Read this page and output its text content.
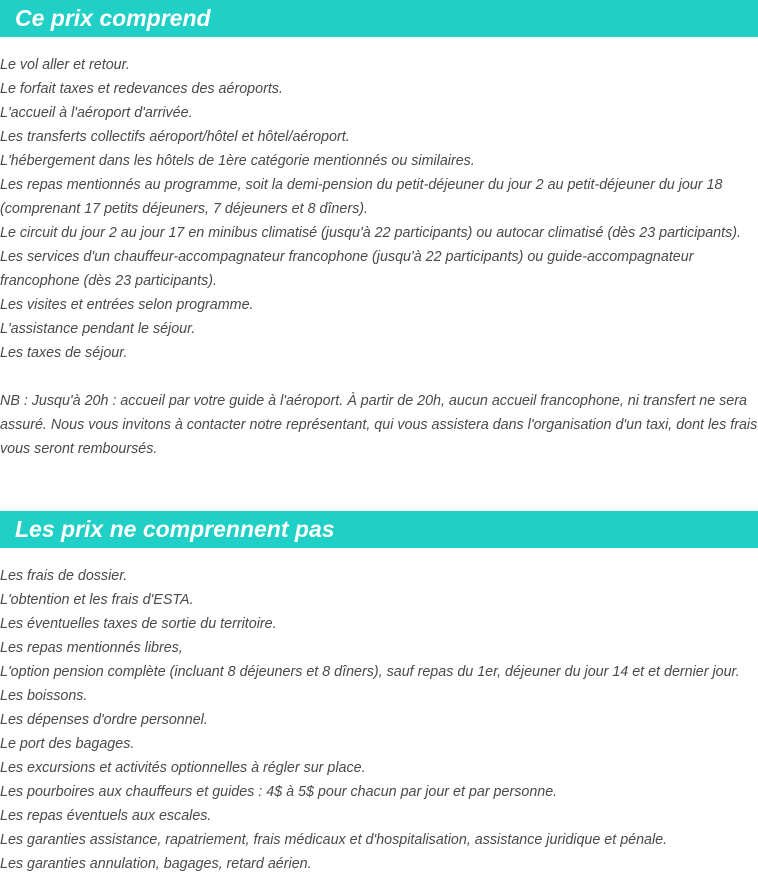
Ce prix comprend
Le vol aller et retour.
Le forfait taxes et redevances des aéroports.
L'accueil à l'aéroport d'arrivée.
Les transferts collectifs aéroport/hôtel et hôtel/aéroport.
L'hébergement dans les hôtels de 1ère catégorie mentionnés ou similaires.
Les repas mentionnés au programme, soit la demi-pension du petit-déjeuner du jour 2 au petit-déjeuner du jour 18 (comprenant 17 petits déjeuners, 7 déjeuners et 8 dîners).
Le circuit du jour 2 au jour 17 en minibus climatisé (jusqu'à 22 participants) ou autocar climatisé (dès 23 participants).
Les services d'un chauffeur-accompagnateur francophone (jusqu'à 22 participants) ou guide-accompagnateur francophone (dès 23 participants).
Les visites et entrées selon programme.
L'assistance pendant le séjour.
Les taxes de séjour.

NB : Jusqu'à 20h : accueil par votre guide à l'aéroport. À partir de 20h, aucun accueil francophone, ni transfert ne sera assuré. Nous vous invitons à contacter notre représentant, qui vous assistera dans l'organisation d'un taxi, dont les frais vous seront remboursés.

Les prix ne comprennent pas
Les frais de dossier.
L'obtention et les frais d'ESTA.
Les éventuelles taxes de sortie du territoire.
Les repas mentionnés libres,
L'option pension complète (incluant 8 déjeuners et 8 dîners), sauf repas du 1er, déjeuner du jour 14 et et dernier jour.
Les boissons.
Les dépenses d'ordre personnel.
Le port des bagages.
Les excursions et activités optionnelles à régler sur place.
Les pourboires aux chauffeurs et guides : 4$ à 5$ pour chacun par jour et par personne.
Les repas éventuels aux escales.
Les garanties assistance, rapatriement, frais médicaux et d'hospitalisation, assistance juridique et pénale.
Les garanties annulation, bagages, retard aérien.
